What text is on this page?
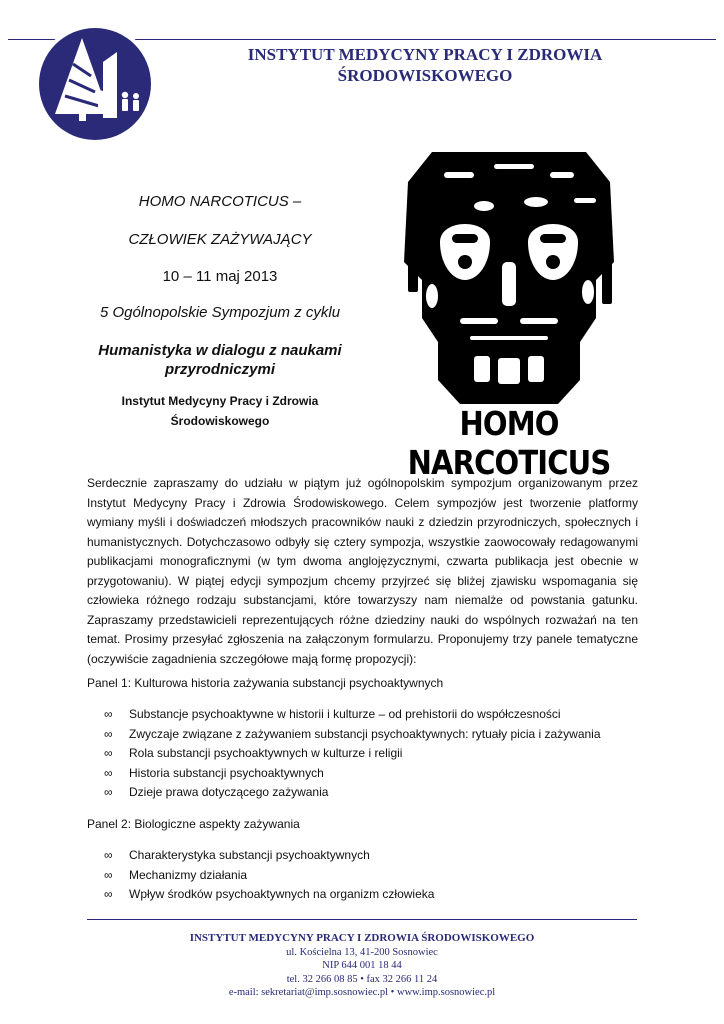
INSTYTUT MEDYCYNY PRACY I ZDROWIA
ŚRODOWISKOWEGO
HOMO NARCOTICUS –
CZŁOWIEK ZAŻYWAJĄCY
10 – 11 maj 2013
5 Ogólnopolskie Sympozjum z cyklu
Humanistyka w dialogu z naukami
przyrodniczymi
Instytut Medycyny Pracy i Zdrowia
Środowiskowego	HOMO NARCOTICUS

Serdecznie zapraszamy do udziału w piątym już ogólnopolskim sympozjum organizowanym przez Instytut Medycyny Pracy i Zdrowia Środowiskowego. Celem sympozjów jest tworzenie platformy wymiany myśli i doświadczeń młodszych pracowników nauki z dziedzin przyrodniczych, społecznych i humanistycznych. Dotychczasowo odbyły się cztery sympozja, wszystkie zaowocowały redagowanymi publikacjami monograficznymi (w tym dwoma anglojęzycznymi, czwarta publikacja jest obecnie w przygotowaniu). W piątej edycji sympozjum chcemy przyjrzeć się bliżej zjawisku wspomagania się człowieka różnego rodzaju substancjami, które towarzyszy nam niemalże od powstania gatunku. Zapraszamy przedstawicieli reprezentujących różne dziedziny nauki do wspólnych rozważań na ten temat. Prosimy przesyłać zgłoszenia na załączonym formularzu. Proponujemy trzy panele tematyczne (oczywiście zagadnienia szczegółowe mają formę propozycji):

Panel 1: Kulturowa historia zażywania substancji psychoaktywnych

∞ Substancje psychoaktywne w historii i kulturze – od prehistorii do współczesności
∞ Zwyczaje związane z zażywaniem substancji psychoaktywnych: rytuały picia i zażywania
∞ Rola substancji psychoaktywnych w kulturze i religii
∞ Historia substancji psychoaktywnych
∞ Dzieje prawa dotyczącego zażywania

Panel 2: Biologiczne aspekty zażywania

∞ Charakterystyka substancji psychoaktywnych
∞ Mechanizmy działania
∞ Wpływ środków psychoaktywnych na organizm człowieka
INSTYTUT MEDYCYNY PRACY I ZDROWIA ŚRODOWISKOWEGO
ul. Kościelna 13, 41-200 Sosnowiec
NIP 644 001 18 44
tel. 32 266 08 85 • fax 32 266 11 24
e-mail: sekretariat@imp.sosnowiec.pl • www.imp.sosnowiec.pl
